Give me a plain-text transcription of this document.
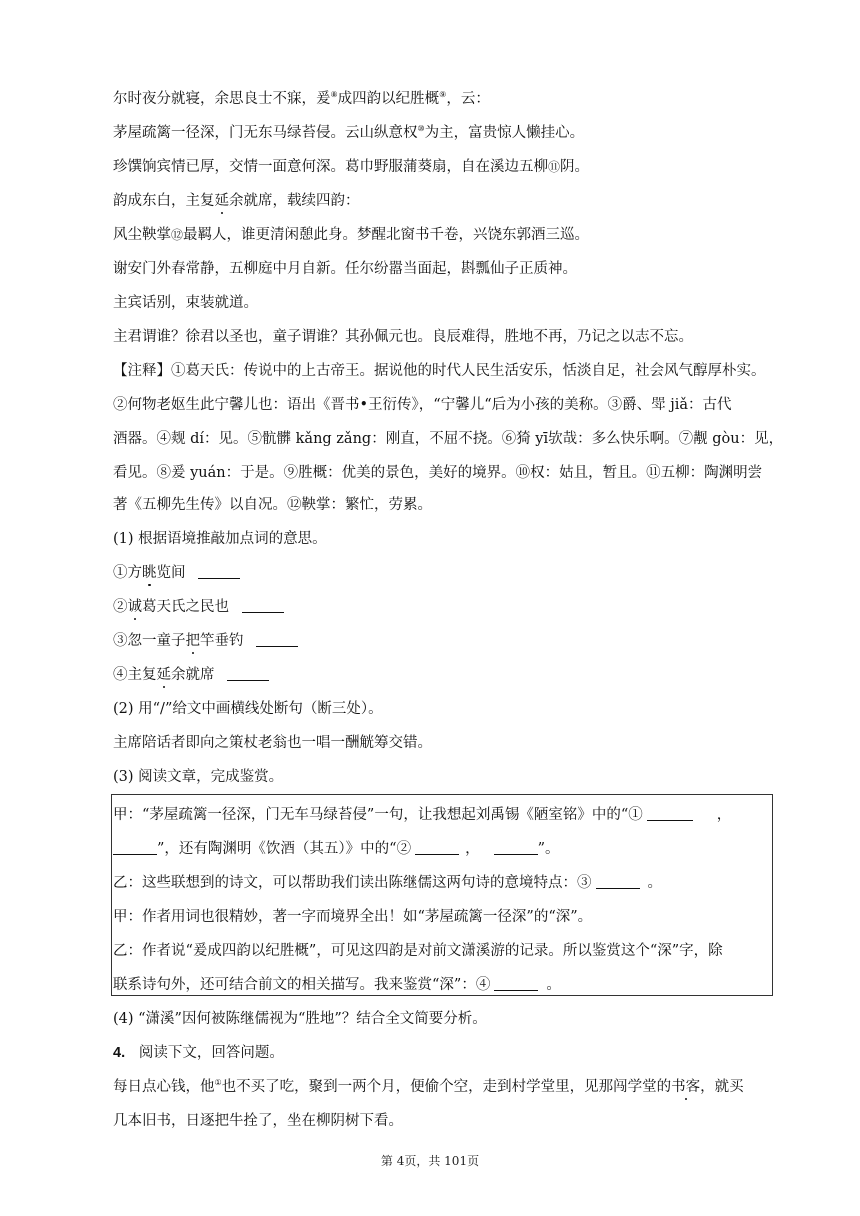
尔时夜分就寝，余思良士不寐，爰⑧成四韵以纪胜概⑨，云：
茅屋疏篱一径深，门无东马绿苔侵。云山纵意权⑩为主，富贵惊人懒挂心。
珍馔饷宾情已厚，交情一面意何深。葛巾野服蒲葵扇，自在溪边五柳⑪阴。
韵成东白，主复延余就席，载续四韵：
风尘鞅掌⑫最羁人，谁更清闲憩此身。梦醒北窗书千卷，兴饶东郭酒三巡。
谢安门外春常静，五柳庭中月自新。任尔纷嚣当面起，斟瓢仙子正质神。
主宾话别，束装就道。
主君谓谁？徐君以圣也，童子谓谁？其孙佩元也。良辰难得，胜地不再，乃记之以志不忘。
【注释】①葛天氏：传说中的上古帝王。据说他的时代人民生活安乐，恬淡自足，社会风气醇厚朴实。
②何物老妪生此宁馨儿也：语出《晋书•王衍传》，“宁馨儿“后为小孩的美称。③爵、斝 jiǎ：古代
酒器。④觌 dí：见。⑤骯髒 kǎng zǎng：刚直，不屈不挠。⑥猗 yī欤哉：多么快乐啊。⑦觏 gòu：见，
看见。⑧爰 yuán：于是。⑨胜概：优美的景色，美好的境界。⑩权：姑且，暂且。⑪五柳：陶渊明尝
著《五柳先生传》以自况。⑫鞅掌：繁忙，劳累。
(1) 根据语境推敲加点词的意思。
①方眺览间
②诚葛天氏之民也
③忽一童子把竿垂钓
④主复延余就席
(2) 用“/”给文中画横线处断句（断三处）。
主席陪话者即向之策杖老翁也一唱一酬觥筹交错。
(3) 阅读文章，完成鉴赏。
甲：“茅屋疏篱一径深，门无车马绿苔侵”一句，让我想起刘禹锡《陋室铭》中的“①	，
”，还有陶渊明《饮酒（其五）》中的“②	，	”。
乙：这些联想到的诗文，可以帮助我们读出陈继儒这两句诗的意境特点：③	。
甲：作者用词也很精妙，著一字而境界全出！如“茅屋疏篱一径深”的“深”。
乙：作者说“爰成四韵以纪胜概”，可见这四韵是对前文潇溪游的记录。所以鉴赏这个“深”字，除
联系诗句外，还可结合前文的相关描写。我来鉴赏“深”：④	。
(4) “潇溪”因何被陈继儒视为“胜地”？结合全文简要分析。
4. 阅读下文，回答问题。
每日点心钱，他①也不买了吃，聚到一两个月，便偷个空，走到村学堂里，见那闯学堂的书客，就买
几本旧书，日逐把牛拴了，坐在柳阴树下看。
第 4页，共 101页
